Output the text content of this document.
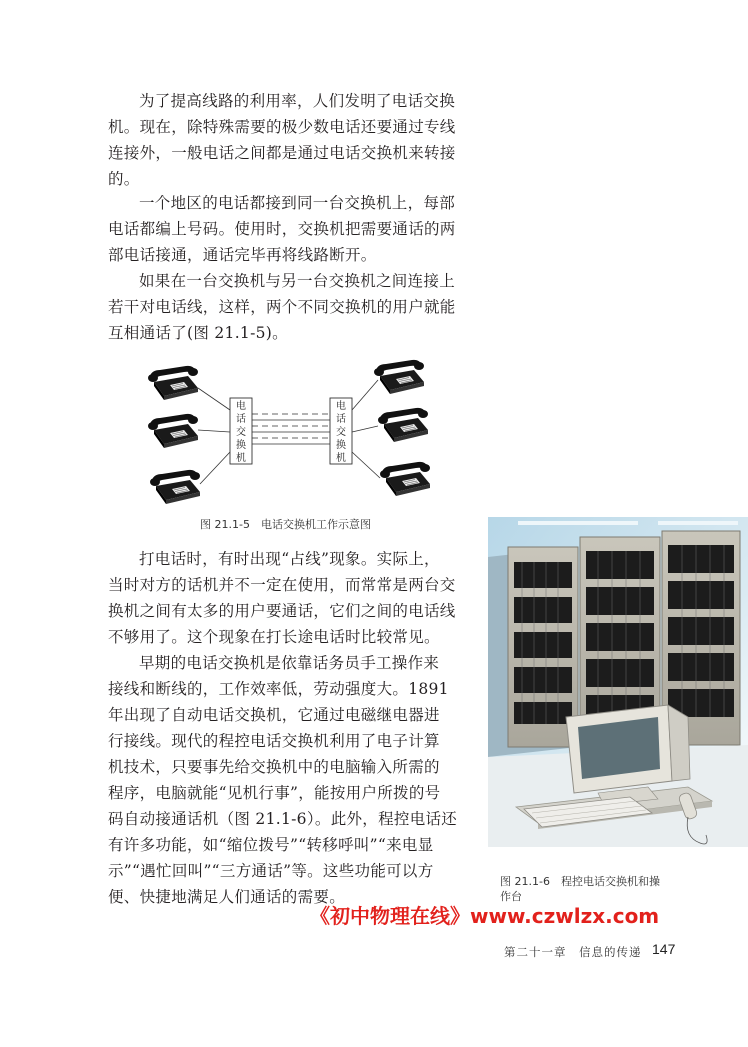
为了提高线路的利用率，人们发明了电话交换
机。现在，除特殊需要的极少数电话还要通过专线
连接外，一般电话之间都是通过电话交换机来转接
的。
一个地区的电话都接到同一台交换机上，每部
电话都编上号码。使用时，交换机把需要通话的两
部电话接通，通话完毕再将线路断开。
如果在一台交换机与另一台交换机之间连接上
若干对电话线，这样，两个不同交换机的用户就能
互相通话了(图 21.1-5)。
电
话
交
换
机
电
话
交
换
机
图 21.1-5　电话交换机工作示意图
打电话时，有时出现“占线”现象。实际上，
当时对方的话机并不一定在使用，而常常是两台交
换机之间有太多的用户要通话，它们之间的电话线
不够用了。这个现象在打长途电话时比较常见。
早期的电话交换机是依靠话务员手工操作来
接线和断线的，工作效率低，劳动强度大。1891
年出现了自动电话交换机，它通过电磁继电器进
行接线。现代的程控电话交换机利用了电子计算
机技术，只要事先给交换机中的电脑输入所需的
程序，电脑就能“见机行事”，能按用户所拨的号
码自动接通话机（图 21.1-6）。此外，程控电话还
有许多功能，如“缩位拨号”“转移呼叫”“来电显
示”“遇忙回叫”“三方通话”等。这些功能可以方
便、快捷地满足人们通话的需要。
图 21.1-6　程控电话交换机和操
作台
《初中物理在线》www.czwlzx.com
第二十一章　信息的传递 147
